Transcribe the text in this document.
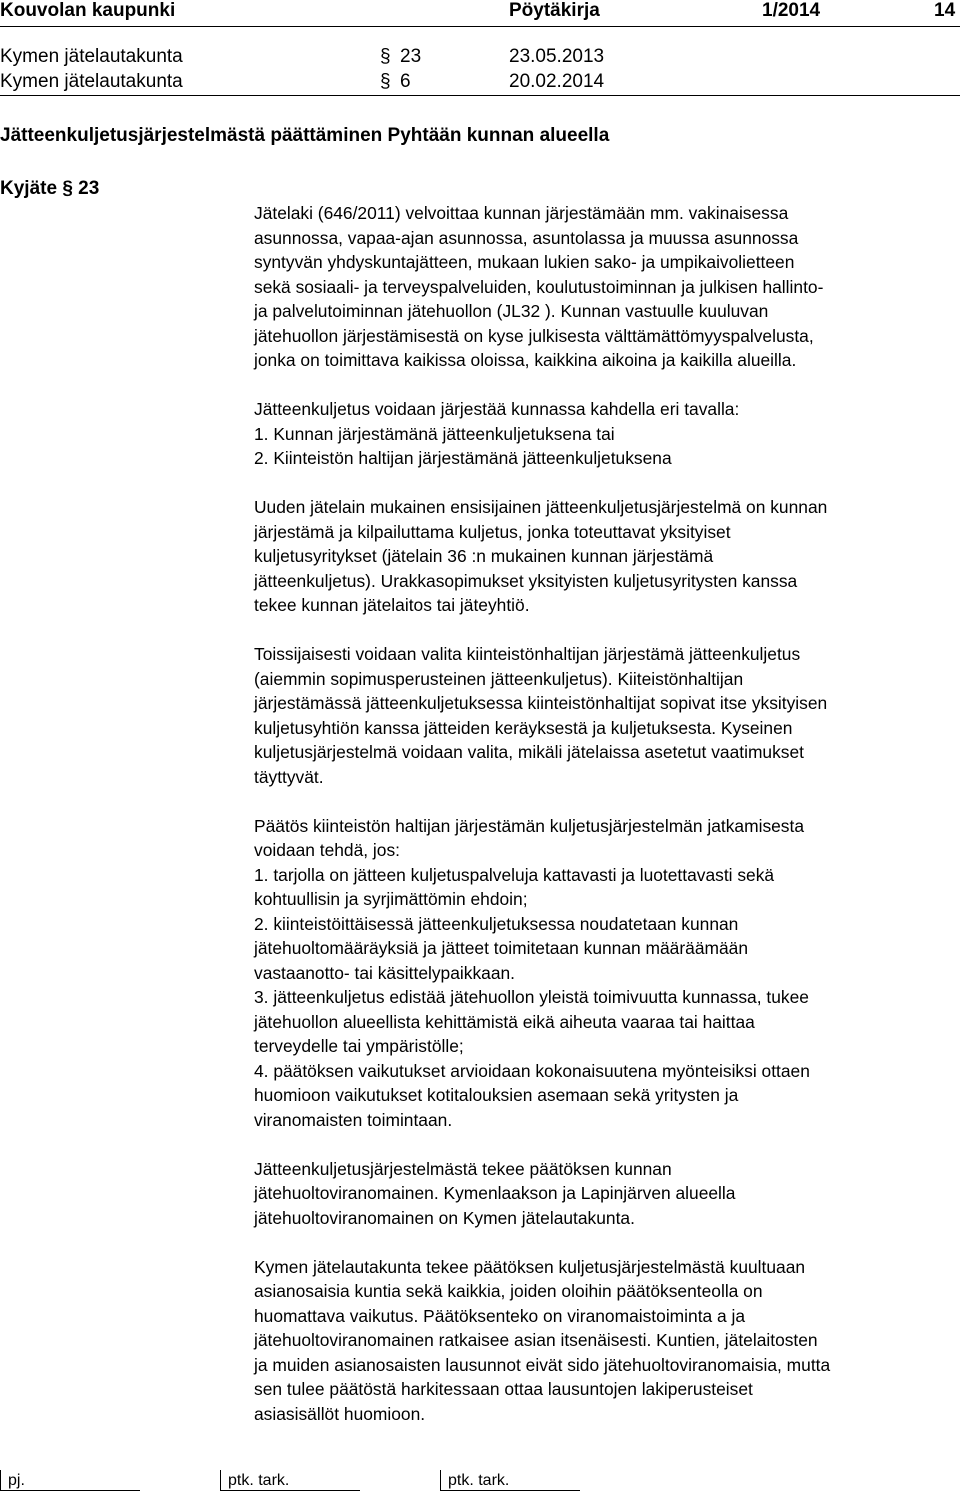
Kouvolan kaupunki	Pöytäkirja	1/2014	14
Kymen jätelautakunta	§ 23	23.05.2013
Kymen jätelautakunta	§ 6	20.02.2014
Jätteenkuljetusjärjestelmästä päättäminen Pyhtään kunnan alueella
Kyjäte § 23

Jätelaki (646/2011) velvoittaa kunnan järjestämään mm. vakinaisessa
asunnossa, vapaa-ajan asunnossa, asuntolassa ja muussa asunnossa
syntyvän yhdyskuntajätteen, mukaan lukien sako- ja umpikaivolietteen
sekä sosiaali- ja terveyspalveluiden, koulutustoiminnan ja julkisen hallinto-
ja palvelutoiminnan jätehuollon (JL32 ). Kunnan vastuulle kuuluvan
jätehuollon järjestämisestä on kyse julkisesta välttämättömyyspalvelusta,
jonka on toimittava kaikissa oloissa, kaikkina aikoina ja kaikilla alueilla.

Jätteenkuljetus voidaan järjestää kunnassa kahdella eri tavalla:
1. Kunnan järjestämänä jätteenkuljetuksena tai
2. Kiinteistön haltijan järjestämänä jätteenkuljetuksena

Uuden jätelain mukainen ensisijainen jätteenkuljetusjärjestelmä on kunnan
järjestämä ja kilpailuttama kuljetus, jonka toteuttavat yksityiset
kuljetusyritykset (jätelain 36 :n mukainen kunnan järjestämä
jätteenkuljetus). Urakkasopimukset yksityisten kuljetusyritysten kanssa
tekee kunnan jätelaitos tai jäteyhtiö.

Toissijaisesti voidaan valita kiinteistönhaltijan järjestämä jätteenkuljetus
(aiemmin sopimusperusteinen jätteenkuljetus). Kiiteistönhaltijan
järjestämässä jätteenkuljetuksessa kiinteistönhaltijat sopivat itse yksityisen
kuljetusyhtiön kanssa jätteiden keräyksestä ja kuljetuksesta. Kyseinen
kuljetusjärjestelmä voidaan valita, mikäli jätelaissa asetetut vaatimukset
täyttyvät.

Päätös kiinteistön haltijan järjestämän kuljetusjärjestelmän jatkamisesta
voidaan tehdä, jos:
1. tarjolla on jätteen kuljetuspalveluja kattavasti ja luotettavasti sekä
kohtuullisin ja syrjimättömin ehdoin;
2. kiinteistöittäisessä jätteenkuljetuksessa noudatetaan kunnan
jätehuoltomääräyksiä ja jätteet toimitetaan kunnan määräämään
vastaanotto- tai käsittelypaikkaan.
3. jätteenkuljetus edistää jätehuollon yleistä toimivuutta kunnassa, tukee
jätehuollon alueellista kehittämistä eikä aiheuta vaaraa tai haittaa
terveydelle tai ympäristölle;
4. päätöksen vaikutukset arvioidaan kokonaisuutena myönteisiksi ottaen
huomioon vaikutukset kotitalouksien asemaan sekä yritysten ja
viranomaisten toimintaan.

Jätteenkuljetusjärjestelmästä tekee päätöksen kunnan
jätehuoltoviranomainen. Kymenlaakson ja Lapinjärven alueella
jätehuoltoviranomainen on Kymen jätelautakunta.

Kymen jätelautakunta tekee päätöksen kuljetusjärjestelmästä kuultuaan
asianosaisia kuntia sekä kaikkia, joiden oloihin päätöksenteolla on
huomattava vaikutus. Päätöksenteko on viranomaistoiminta a ja
jätehuoltoviranomainen ratkaisee asian itsenäisesti. Kuntien, jätelaitosten
ja muiden asianosaisten lausunnot eivät sido jätehuoltoviranomaisia, mutta
sen tulee päätöstä harkitessaan ottaa lausuntojen lakiperusteiset
asiasisällöt huomioon.

pj.	ptk. tark.	ptk. tark.
